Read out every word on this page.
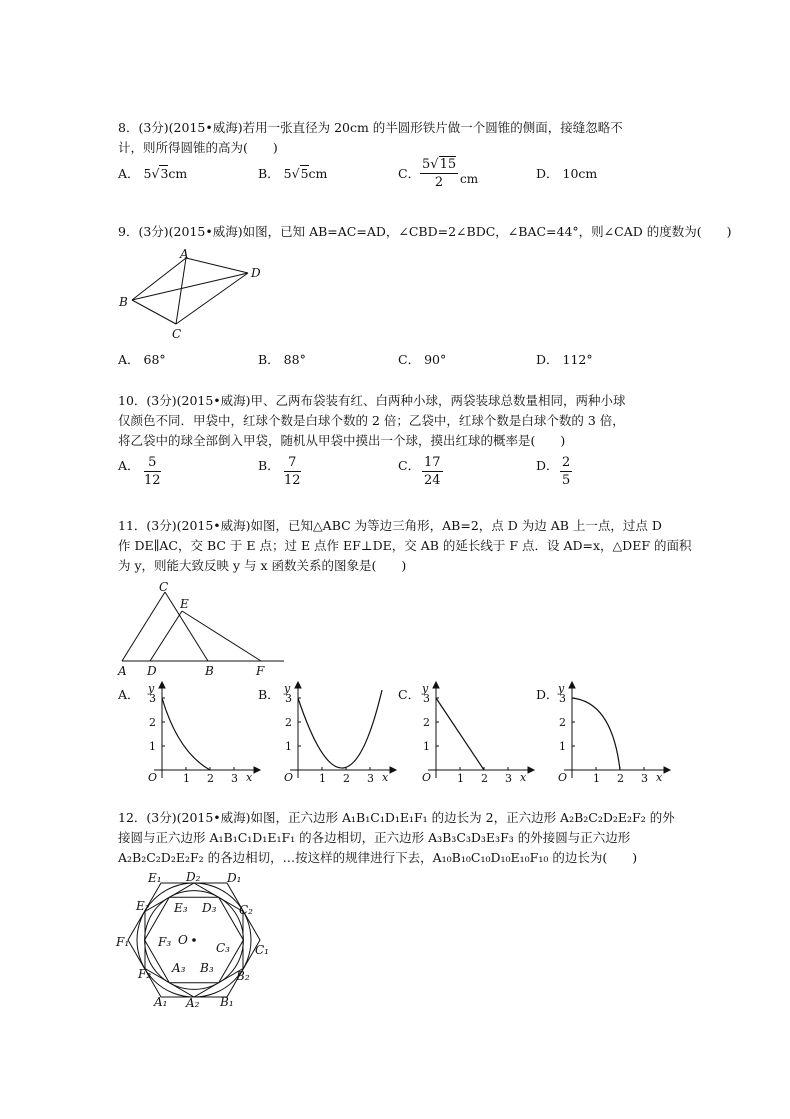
8．(3分)(2015•威海)若用一张直径为 20cm 的半圆形铁片做一个圆锥的侧面，接缝忽略不
计，则所得圆锥的高为(　　)
A． 5√3cm	B． 5√5cm	C．
5√15
2	cm	D． 10cm
9．(3分)(2015•威海)如图，已知 AB=AC=AD，∠CBD=2∠BDC，∠BAC=44°，则∠CAD 的度数为(　　)
A
B
C
D
A． 68°	B． 88°	C． 90°	D． 112°
10．(3分)(2015•威海)甲、乙两布袋装有红、白两种小球，两袋装球总数量相同，两种小球
仅颜色不同．甲袋中，红球个数是白球个数的 2 倍；乙袋中，红球个数是白球个数的 3 倍，
将乙袋中的球全部倒入甲袋，随机从甲袋中摸出一个球，摸出红球的概率是(　　)
A． 5
12
B． 7
12
C． 17
24
D． 2
5
11．(3分)(2015•威海)如图，已知△ABC 为等边三角形，AB=2，点 D 为边 AB 上一点，过点 D
作 DE∥AC，交 BC 于 E 点；过 E 点作 EF⊥DE，交 AB 的延长线于 F 点．设 AD=x，△DEF 的面积
为 y，则能大致反映 y 与 x 函数关系的图象是(　　)
C
E
A D	B	F
A． y
3
2
1
O 1 2 3 x
B． y
3
2
1
O 1 2 3 x
C． y
3
2
1
O 1 2 3 x
D． y
3
2
1
O 1 2 3 x
12．(3分)(2015•威海)如图，正六边形 A₁B₁C₁D₁E₁F₁ 的边长为 2，正六边形 A₂B₂C₂D₂E₂F₂ 的外
接圆与正六边形 A₁B₁C₁D₁E₁F₁ 的各边相切，正六边形 A₃B₃C₃D₃E₃F₃ 的外接圆与正六边形
A₂B₂C₂D₂E₂F₂ 的各边相切，…按这样的规律进行下去，A₁₀B₁₀C₁₀D₁₀E₁₀F₁₀ 的边长为(　　)
E₁ D₂ D₁
E₂ E₃ D₃ C₂
F₁ F₃ O
C₃ C₁
F₂ A₃ B₃
B₂
A₁ A₂ B₁
